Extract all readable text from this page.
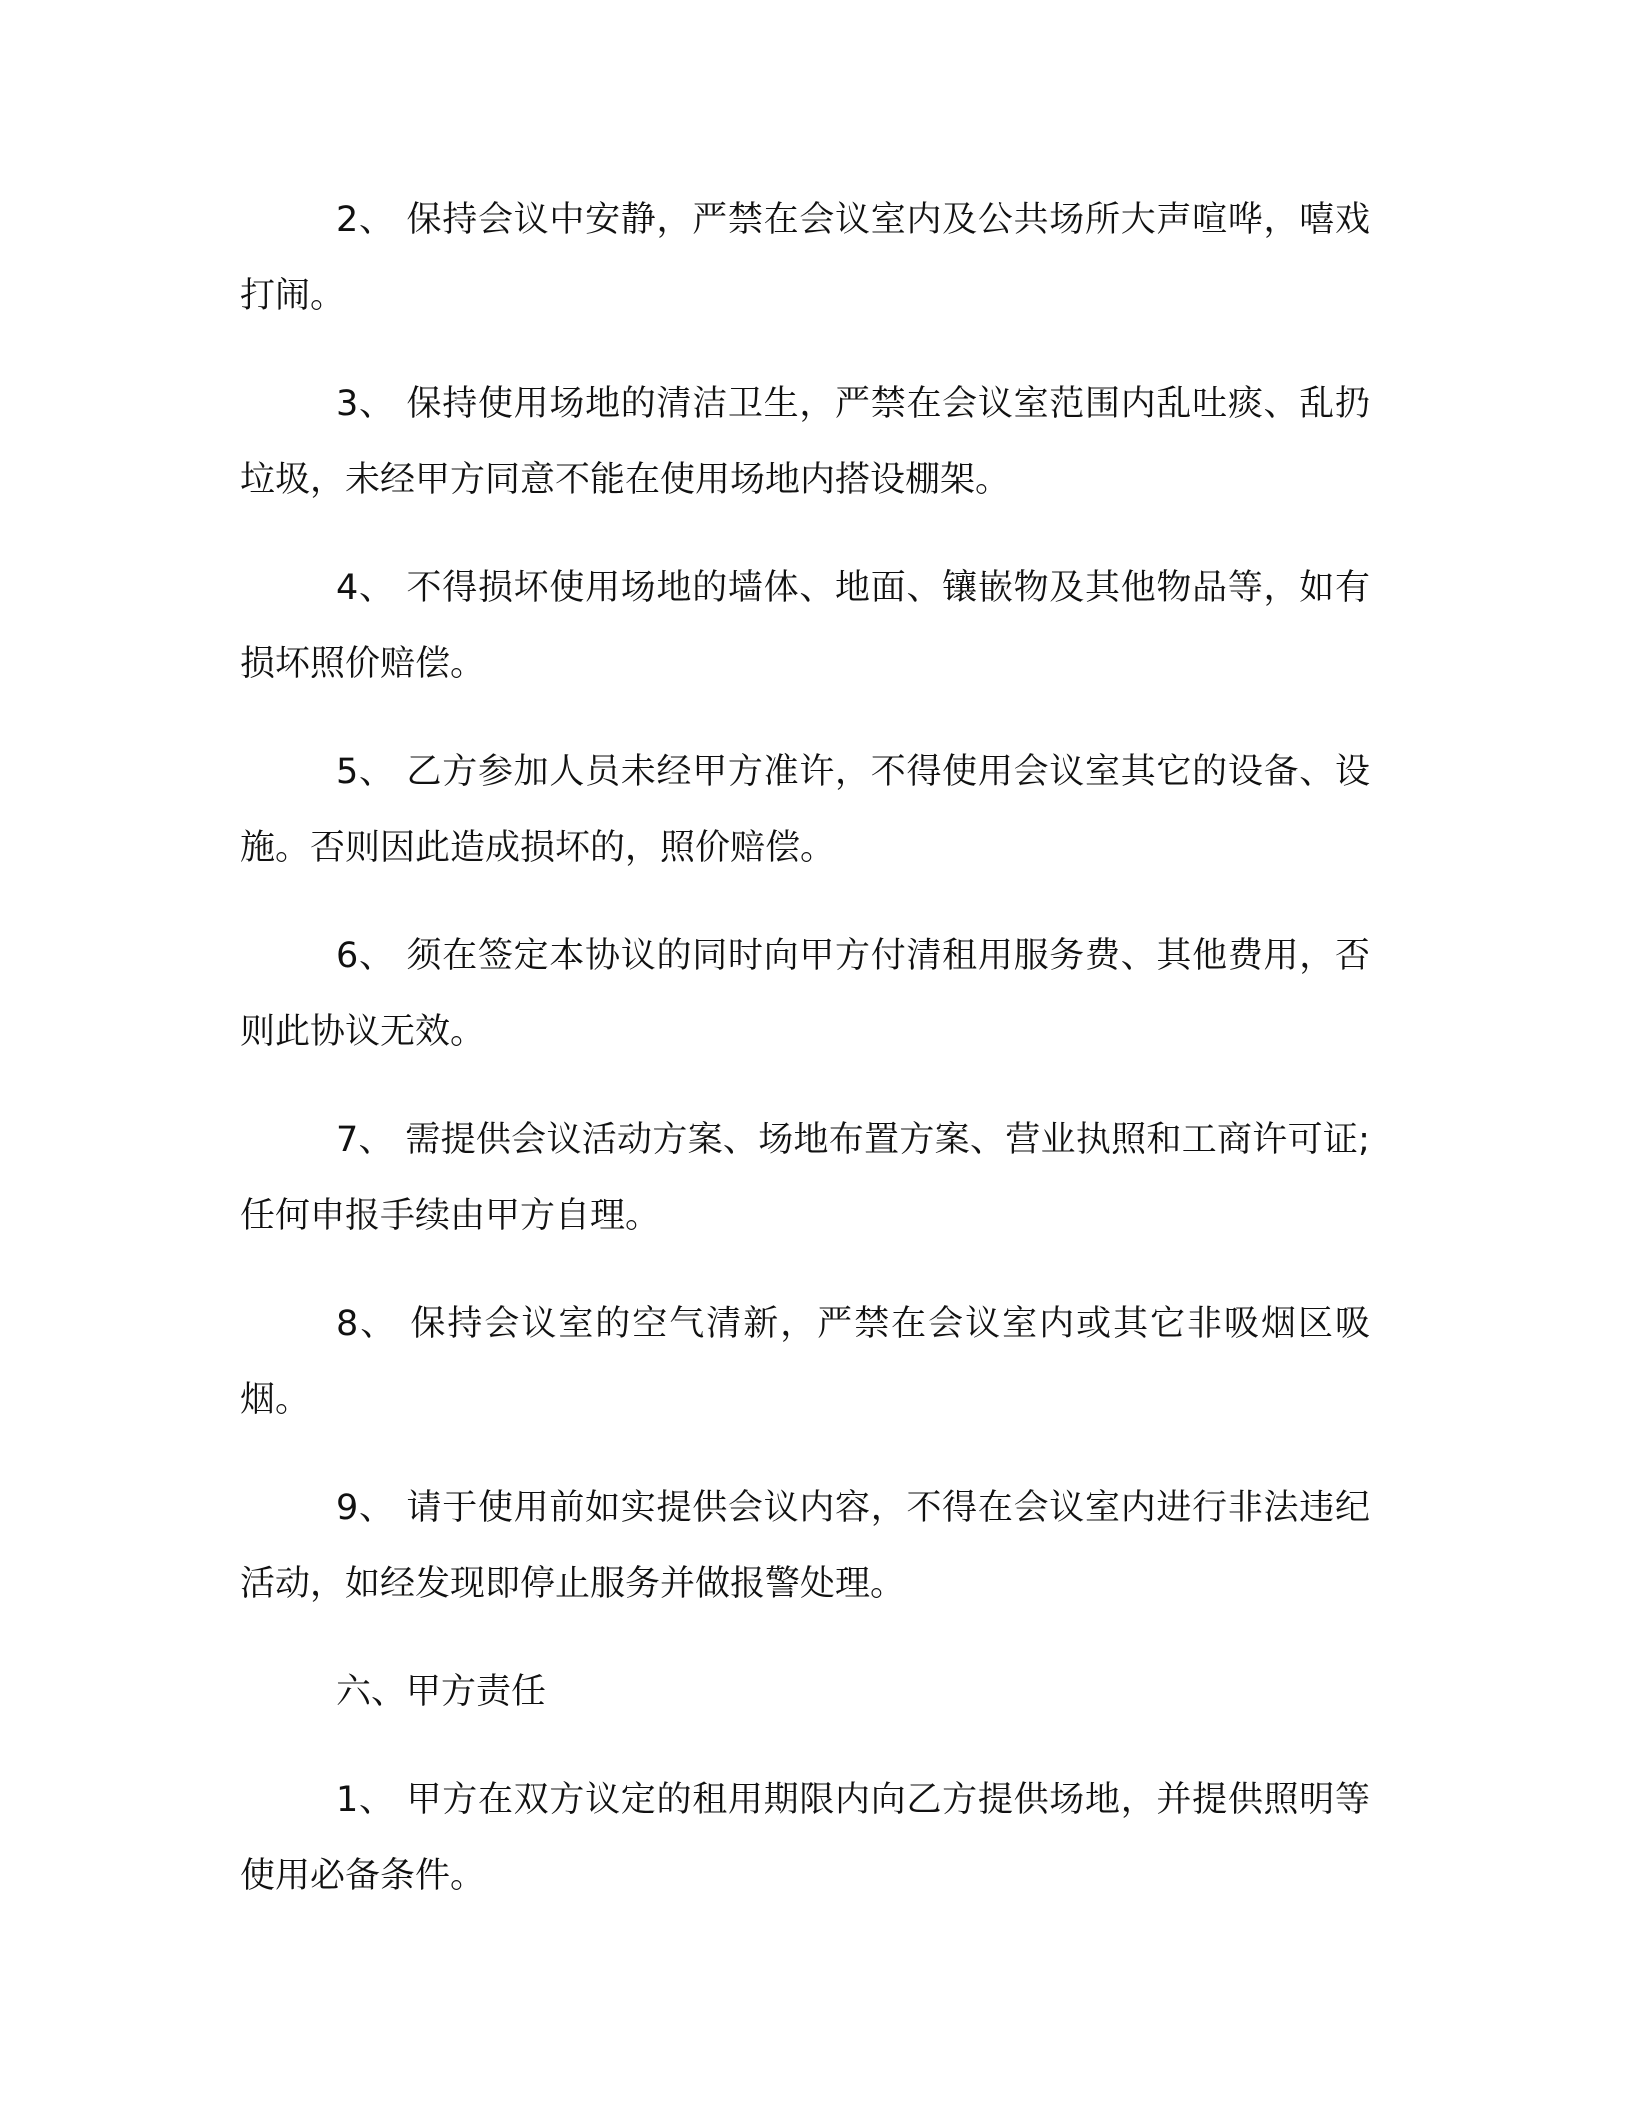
2、 保持会议中安静，严禁在会议室内及公共场所大声喧哗，嘻戏打闹。

3、 保持使用场地的清洁卫生，严禁在会议室范围内乱吐痰、乱扔垃圾，未经甲方同意不能在使用场地内搭设棚架。

4、 不得损坏使用场地的墙体、地面、镶嵌物及其他物品等，如有损坏照价赔偿。

5、 乙方参加人员未经甲方准许，不得使用会议室其它的设备、设施。否则因此造成损坏的，照价赔偿。

6、 须在签定本协议的同时向甲方付清租用服务费、其他费用，否则此协议无效。

7、 需提供会议活动方案、场地布置方案、营业执照和工商许可证;任何申报手续由甲方自理。

8、 保持会议室的空气清新，严禁在会议室内或其它非吸烟区吸烟。

9、 请于使用前如实提供会议内容，不得在会议室内进行非法违纪活动，如经发现即停止服务并做报警处理。

六、甲方责任

1、 甲方在双方议定的租用期限内向乙方提供场地，并提供照明等使用必备条件。
